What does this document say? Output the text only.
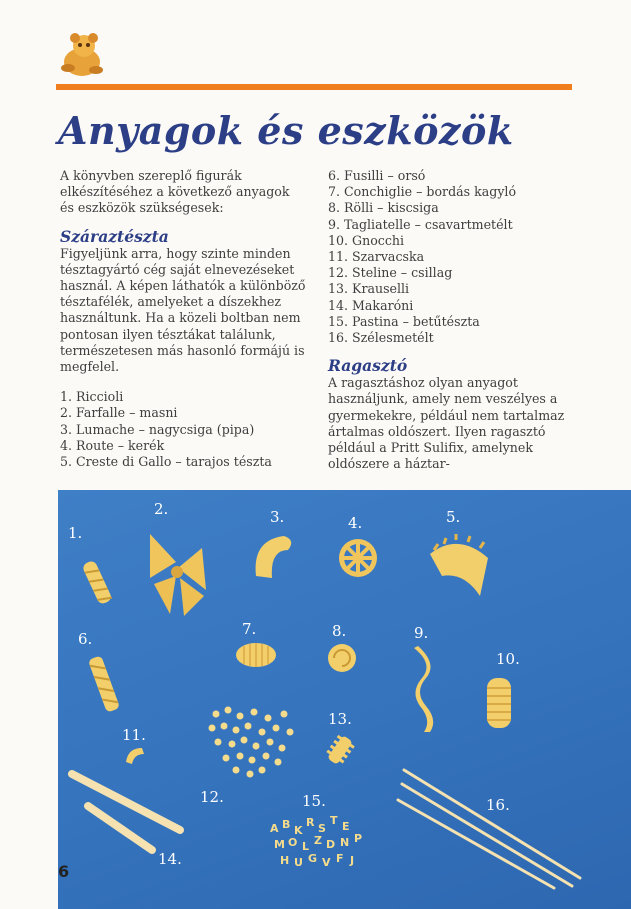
Anyagok és eszközök

A könyvben szereplő figurák elkészítéséhez a következő anyagok és eszközök szükségesek:

Száraztészta

Figyeljünk arra, hogy szinte minden tésztagyártó cég saját elnevezéseket használ. A képen láthatók a különböző tésztafélék, amelyeket a díszekhez használtunk. Ha a közeli boltban nem pontosan ilyen tésztákat találunk, természetesen más hasonló formájú is megfelel.

1. Riccioli
2. Farfalle – masni
3. Lumache – nagycsiga (pipa)
4. Route – kerék
5. Creste di Gallo – tarajos tészta
6. Fusilli – orsó
7. Conchiglie – bordás kagyló
8. Rölli – kiscsiga
9. Tagliatelle – csavartmetélt
10. Gnocchi
11. Szarvacska
12. Steline – csillag
13. Krauselli
14. Makaróni
15. Pastina – betűtészta
16. Szélesmetélt
Ragasztó

A ragasztáshoz olyan anyagot használjunk, amely nem veszélyes a gyermekekre, például nem tartalmaz ártalmas oldószert. Ilyen ragasztó például a Pritt Sulifix, amelynek oldószere a háztar-

1.
2.	3.	4.	5.
6.
7.	8.	9.
10.
11.
12.
13.
14.
15.	16.
A B K
R S
T E
M O L Z D N P
H U G V F J
6
